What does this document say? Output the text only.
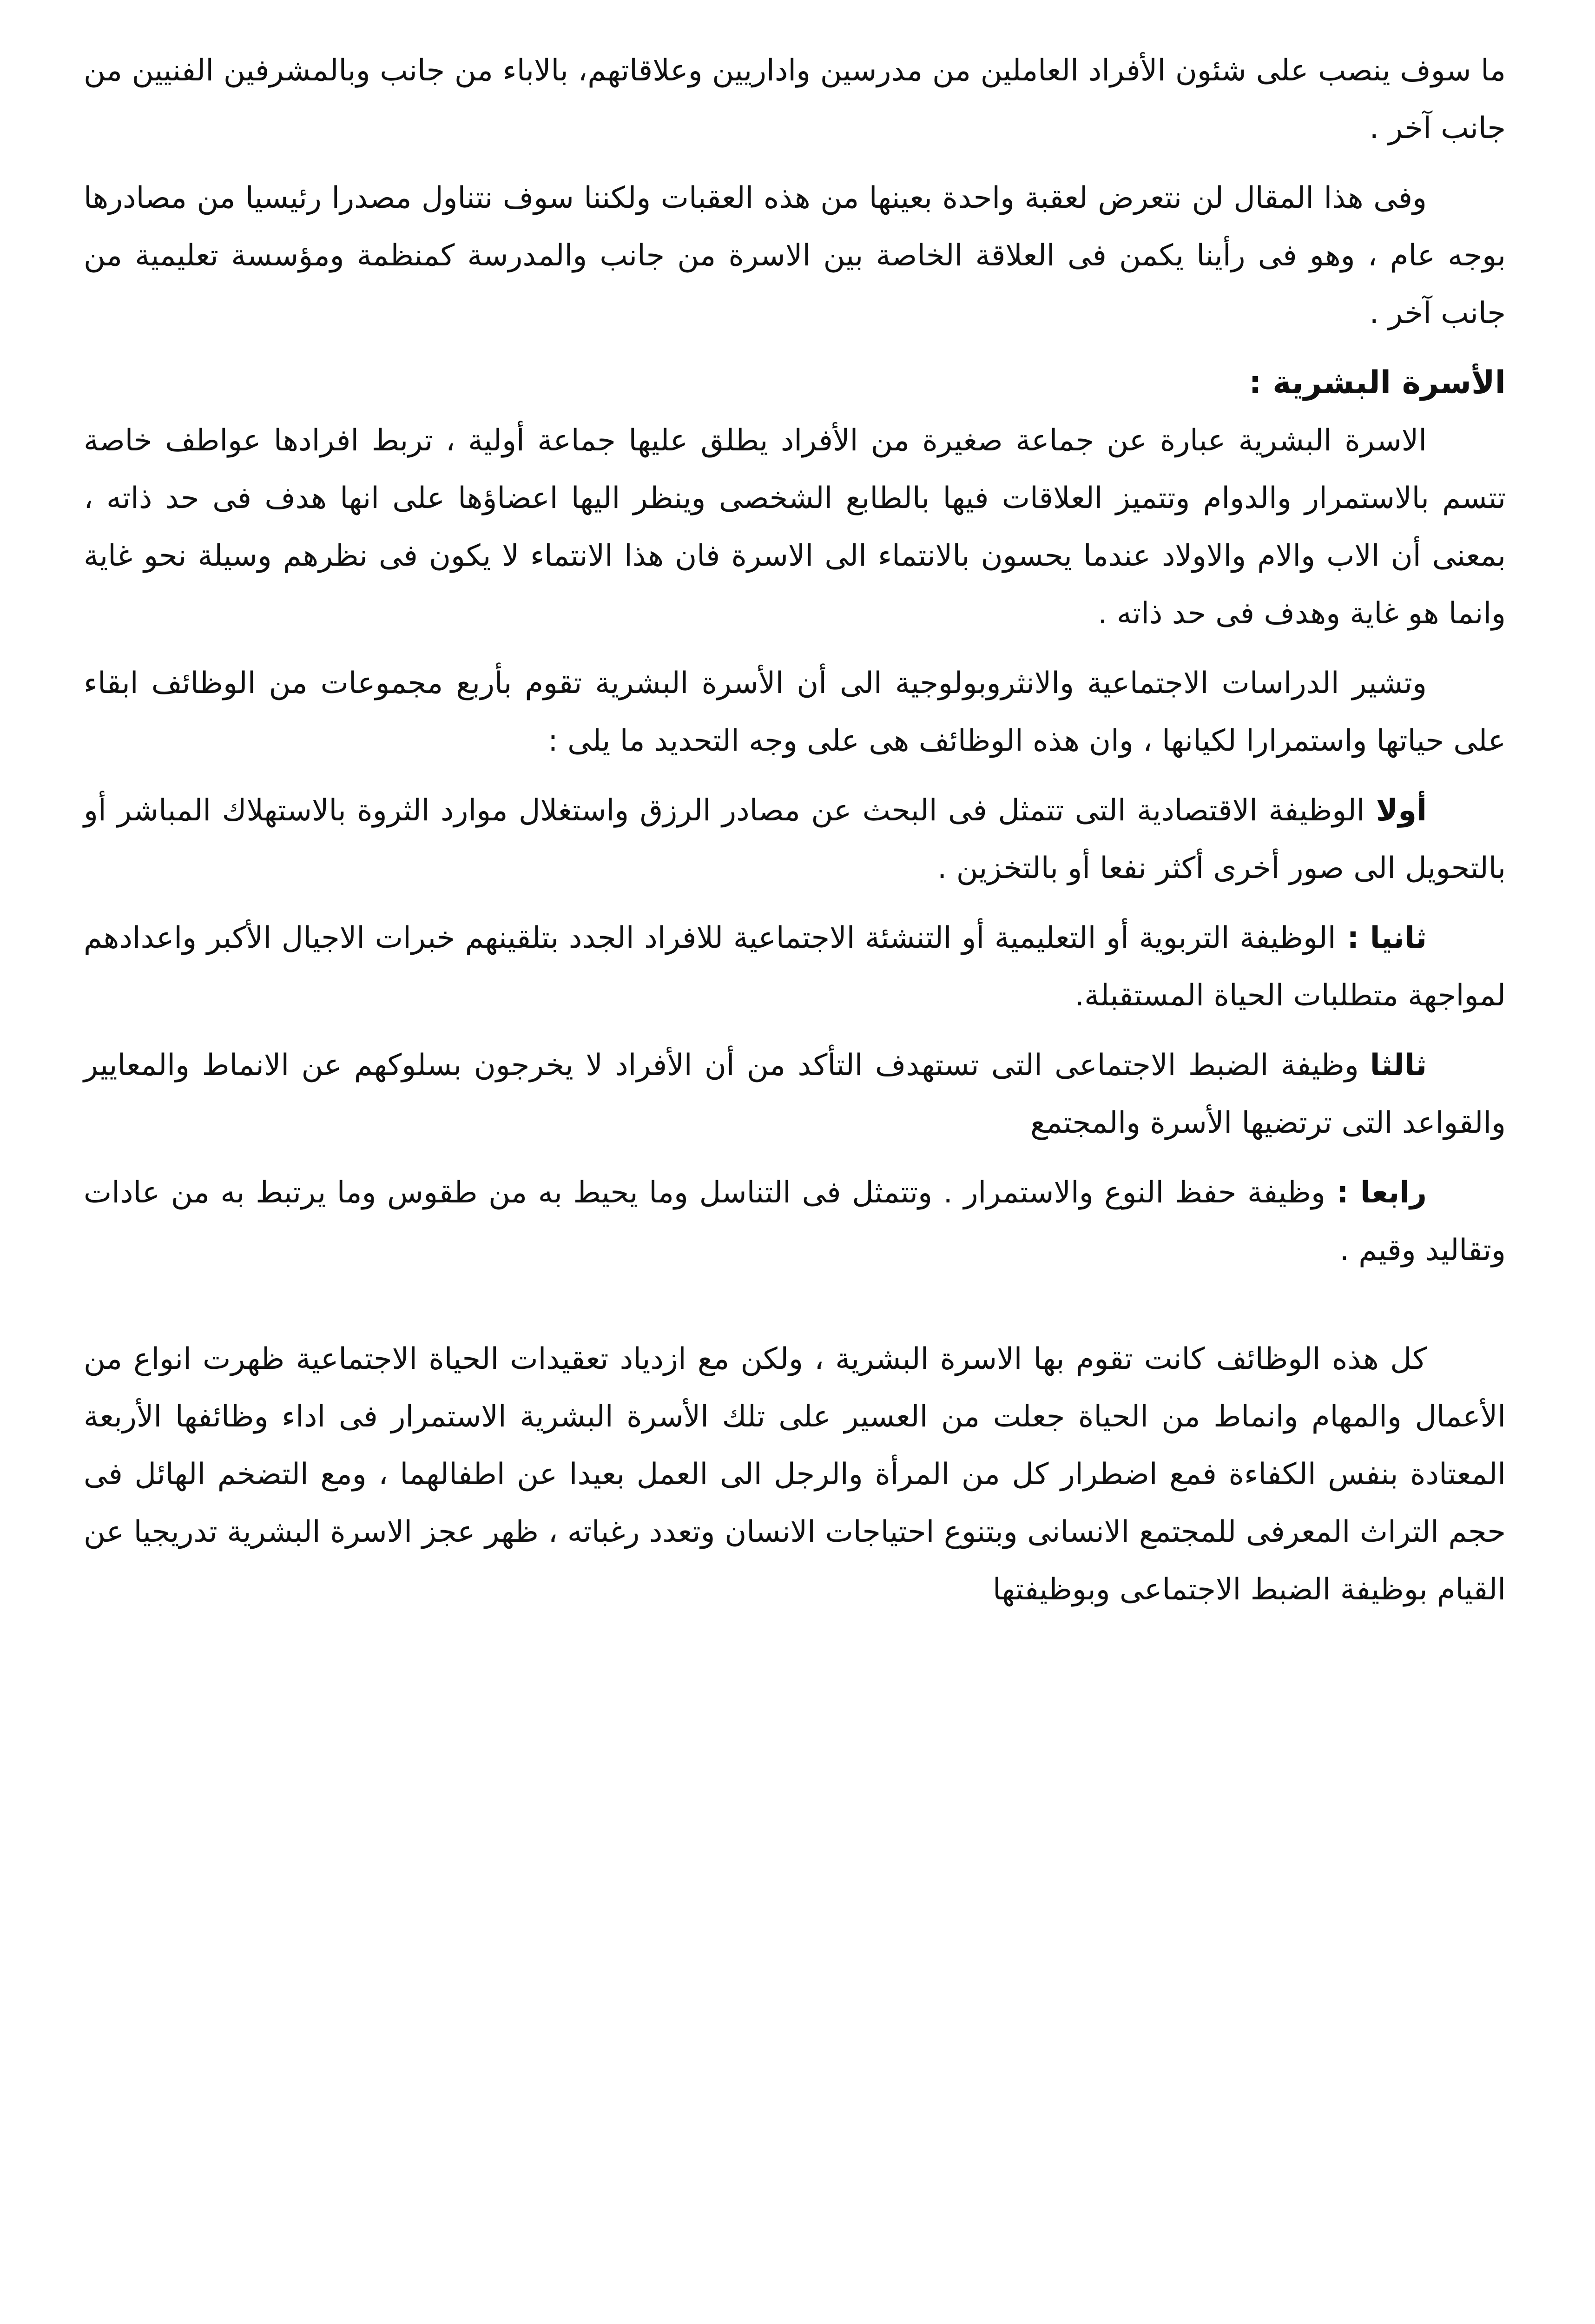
ما سوف ينصب على شئون الأفراد العاملين من مدرسين واداريين وعلاقاتهم، بالاباء من جانب وبالمشرفين الفنيين من جانب آخر .

وفى هذا المقال لن نتعرض لعقبة واحدة بعينها من هذه العقبات ولكننا سوف نتناول مصدرا رئيسيا من مصادرها بوجه عام ، وهو فى رأينا يكمن فى العلاقة الخاصة بين الاسرة من جانب والمدرسة كمنظمة ومؤسسة تعليمية من جانب آخر .

الأسرة البشرية :

الاسرة البشرية عبارة عن جماعة صغيرة من الأفراد يطلق عليها جماعة أولية ، تربط افرادها عواطف خاصة تتسم بالاستمرار والدوام وتتميز العلاقات فيها بالطابع الشخصى وينظر اليها اعضاؤها على انها هدف فى حد ذاته ، بمعنى أن الاب والام والاولاد عندما يحسون بالانتماء الى الاسرة فان هذا الانتماء لا يكون فى نظرهم وسيلة نحو غاية وانما هو غاية وهدف فى حد ذاته .

وتشير الدراسات الاجتماعية والانثروبولوجية الى أن الأسرة البشرية تقوم بأربع مجموعات من الوظائف ابقاء على حياتها واستمرارا لكيانها ، وان هذه الوظائف هى على وجه التحديد ما يلى :

أولاالوظيفة الاقتصادية التى تتمثل فى البحث عن مصادر الرزق واستغلال موارد الثروة بالاستهلاك المباشر أو بالتحويل الى صور أخرى أكثر نفعا أو بالتخزين .

ثانيا :الوظيفة التربوية أو التعليمية أو التنشئة الاجتماعية للافراد الجدد بتلقينهم خبرات الاجيال الأكبر واعدادهم لمواجهة متطلبات الحياة المستقبلة.

ثالثاوظيفة الضبط الاجتماعى التى تستهدف التأكد من أن الأفراد لا يخرجون بسلوكهم عن الانماط والمعايير والقواعد التى ترتضيها الأسرة والمجتمع

رابعا :وظيفة حفظ النوع والاستمرار . وتتمثل فى التناسل وما يحيط به من طقوس وما يرتبط به من عادات وتقاليد وقيم .

كل هذه الوظائف كانت تقوم بها الاسرة البشرية ، ولكن مع ازدياد تعقيدات الحياة الاجتماعية ظهرت انواع من الأعمال والمهام وانماط من الحياة جعلت من العسير على تلك الأسرة البشرية الاستمرار فى اداء وظائفها الأربعة المعتادة بنفس الكفاءة فمع اضطرار كل من المرأة والرجل الى العمل بعيدا عن اطفالهما ، ومع التضخم الهائل فى حجم التراث المعرفى للمجتمع الانسانى وبتنوع احتياجات الانسان وتعدد رغباته ، ظهر عجز الاسرة البشرية تدريجيا عن القيام بوظيفة الضبط الاجتماعى وبوظيفتها
